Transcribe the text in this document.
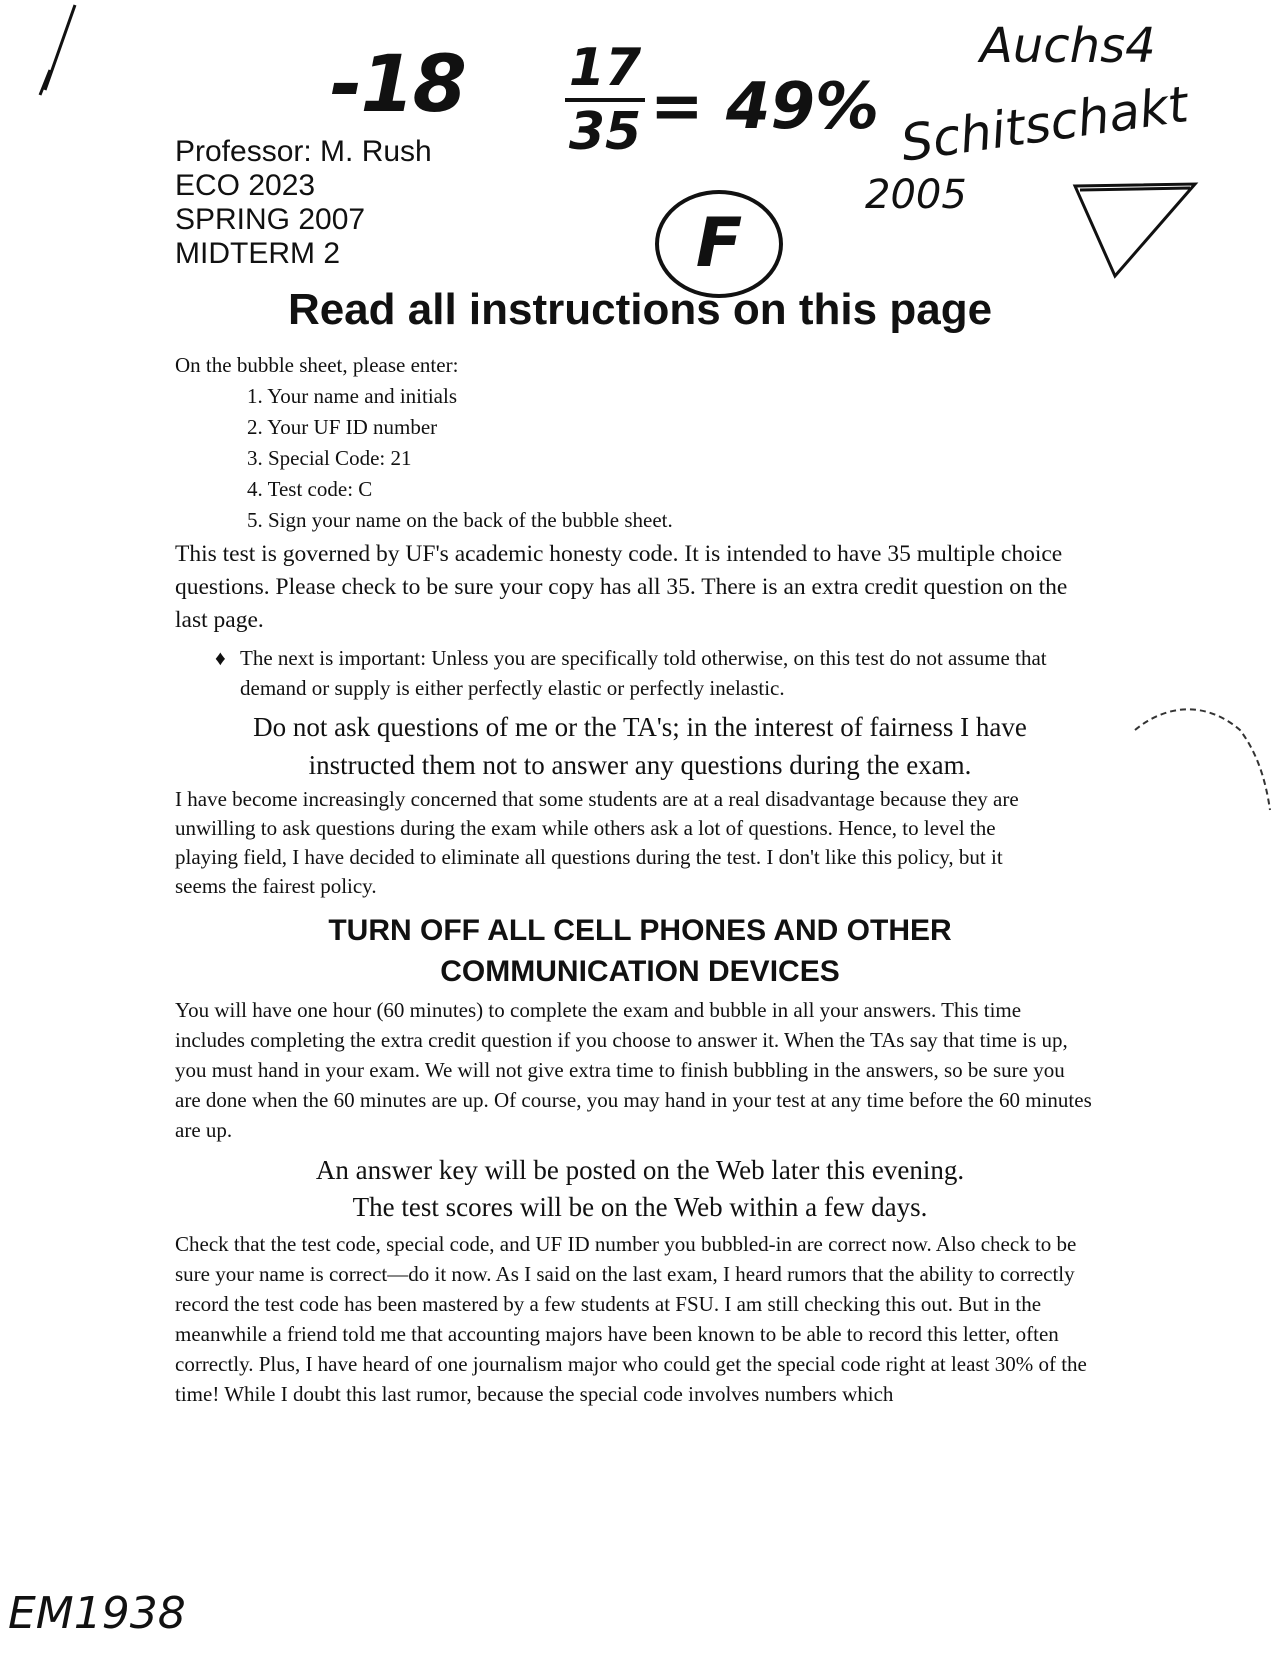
-18 17
35 = 49%
F
Auchs4
Schitschakt
2005
Professor: M. Rush
ECO 2023
SPRING 2007
MIDTERM 2
Read all instructions on this page
On the bubble sheet, please enter:
1. Your name and initials
2. Your UF ID number
3. Special Code: 21
4. Test code: C
5. Sign your name on the back of the bubble sheet.
This test is governed by UF's academic honesty code. It is intended to have 35 multiple choice questions. Please check to be sure your copy has all 35. There is an extra credit question on the last page.
♦ The next is important: Unless you are specifically told otherwise, on this test do not assume that demand or supply is either perfectly elastic or perfectly inelastic.
Do not ask questions of me or the TA's; in the interest of fairness I have instructed them not to answer any questions during the exam.
I have become increasingly concerned that some students are at a real disadvantage because they are unwilling to ask questions during the exam while others ask a lot of questions. Hence, to level the playing field, I have decided to eliminate all questions during the test. I don't like this policy, but it seems the fairest policy.
TURN OFF ALL CELL PHONES AND OTHER
COMMUNICATION DEVICES
You will have one hour (60 minutes) to complete the exam and bubble in all your answers. This time includes completing the extra credit question if you choose to answer it. When the TAs say that time is up, you must hand in your exam. We will not give extra time to finish bubbling in the answers, so be sure you are done when the 60 minutes are up. Of course, you may hand in your test at any time before the 60 minutes are up.
An answer key will be posted on the Web later this evening.
The test scores will be on the Web within a few days.
Check that the test code, special code, and UF ID number you bubbled-in are correct now. Also check to be sure your name is correct—do it now. As I said on the last exam, I heard rumors that the ability to correctly record the test code has been mastered by a few students at FSU. I am still checking this out. But in the meanwhile a friend told me that accounting majors have been known to be able to record this letter, often correctly. Plus, I have heard of one journalism major who could get the special code right at least 30% of the time! While I doubt this last rumor, because the special code involves numbers which
EM1938
